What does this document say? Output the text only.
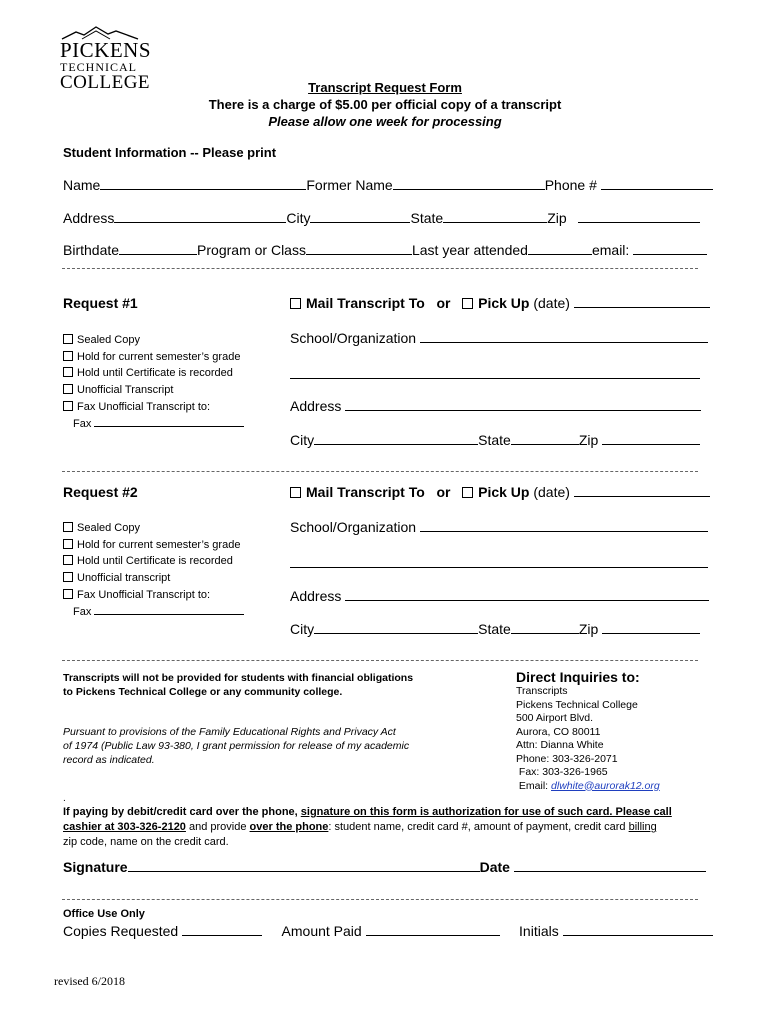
PICKENS
TECHNICAL
COLLEGE	Transcript Request Form
There is a charge of $5.00 per official copy of a transcript
Please allow one week for processing
Student Information -- Please print
Name	Former Name	Phone #
Address	City	State	Zip
Birthdate	Program or Class	Last year attended	email:
Request #1	Mail Transcript To or Pick Up (date)
Sealed Copy
Hold for current semester’s grade
Hold until Certificate is recorded
Unofficial Transcript
Fax Unofficial Transcript to:
Fax
School/Organization
Address
City	State	Zip
Request #2	Mail Transcript To or Pick Up (date)
Sealed Copy
Hold for current semester’s grade
Hold until Certificate is recorded
Unofficial transcript
Fax Unofficial Transcript to:
Fax
School/Organization
Address
City	State	Zip
Transcripts will not be provided for students with financial obligations
to Pickens Technical College or any community college.
Pursuant to provisions of the Family Educational Rights and Privacy Act
of 1974 (Public Law 93-380, I grant permission for release of my academic
record as indicated.
Direct Inquiries to:
Transcripts
Pickens Technical College
500 Airport Blvd.
Aurora, CO 80011
Attn: Dianna White
Phone: 303-326-2071
Fax: 303-326-1965
Email: dlwhite@aurorak12.org
.
If paying by debit/credit card over the phone, signature on this form is authorization for use of such card. Please call
cashier at 303-326-2120 and provide over the phone: student name, credit card #, amount of payment, credit card billing
zip code, name on the credit card.
Signature	Date
Office Use Only
Copies Requested	Amount Paid	Initials
revised 6/2018
